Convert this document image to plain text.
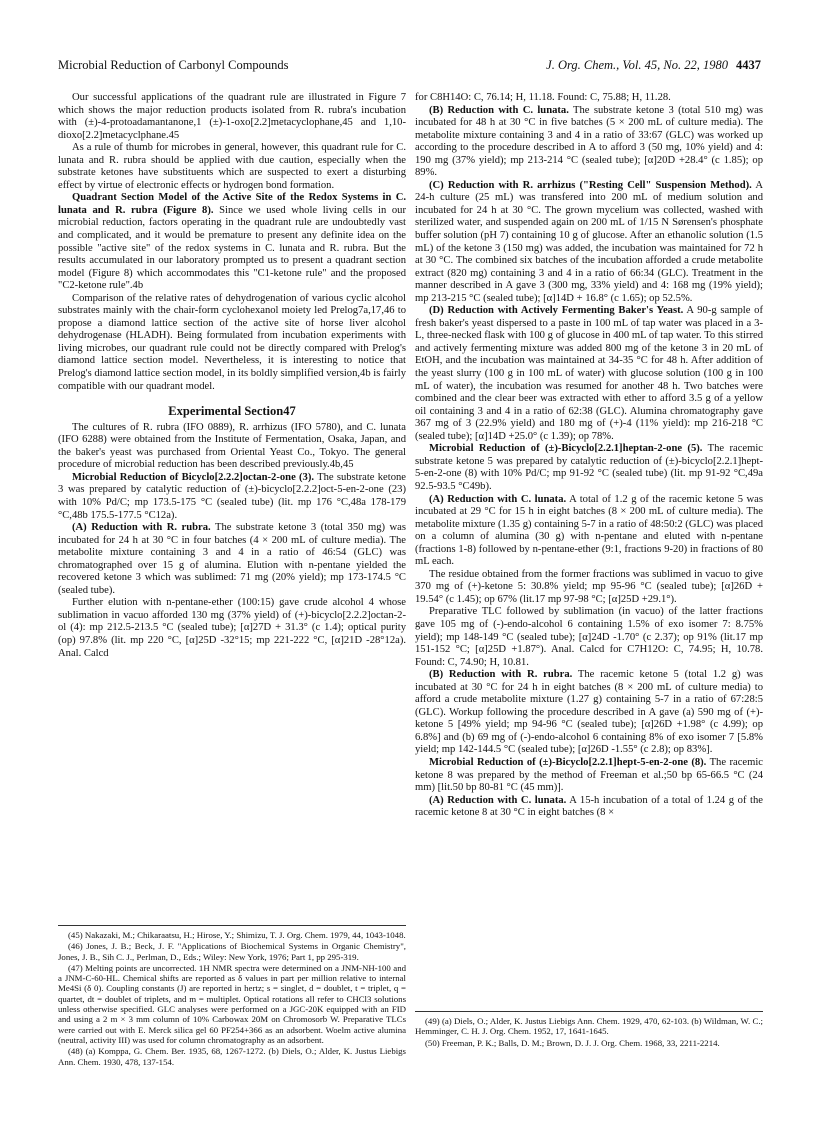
Microbial Reduction of Carbonyl Compounds	J. Org. Chem., Vol. 45, No. 22, 1980 4437

Our successful applications of the quadrant rule are illustrated in Figure 7 which shows the major reduction products isolated from R. rubra's incubation with (±)-4-protoadamantanone,1 (±)-1-oxo[2.2]metacyclophane,45 and 1,10-dioxo[2.2]metacyclphane.45

As a rule of thumb for microbes in general, however, this quadrant rule for C. lunata and R. rubra should be applied with due caution, especially when the substrate ketones have substituents which are suspected to exert a disturbing effect by virtue of electronic effects or hydrogen bond formation.

Quadrant Section Model of the Active Site of the Redox Systems in C. lunata and R. rubra (Figure 8). Since we used whole living cells in our microbial reduction, factors operating in the quadrant rule are undoubtedly vast and complicated, and it would be premature to present any definite idea on the possible "active site" of the redox systems in C. lunata and R. rubra. But the results accumulated in our laboratory prompted us to present a quadrant section model (Figure 8) which accommodates this "C1-ketone rule" and the proposed "C2-ketone rule".4b

Comparison of the relative rates of dehydrogenation of various cyclic alcohol substrates mainly with the chair-form cyclohexanol moiety led Prelog7a,17,46 to propose a diamond lattice section of the active site of horse liver alcohol dehydrogenase (HLADH). Being formulated from incubation experiments with living microbes, our quadrant rule could not be directly compared with Prelog's diamond lattice section model. Nevertheless, it is interesting to notice that Prelog's diamond lattice section model, in its boldly simplified version,4b is fairly compatible with our quadrant model.

Experimental Section47

The cultures of R. rubra (IFO 0889), R. arrhizus (IFO 5780), and C. lunata (IFO 6288) were obtained from the Institute of Fermentation, Osaka, Japan, and the baker's yeast was purchased from Oriental Yeast Co., Tokyo. The general procedure of microbial reduction has been described previously.4b,45

Microbial Reduction of Bicyclo[2.2.2]octan-2-one (3). The substrate ketone 3 was prepared by catalytic reduction of (±)-bicyclo[2.2.2]oct-5-en-2-one (23) with 10% Pd/C; mp 173.5-175 °C (sealed tube) (lit. mp 176 °C,48a 178-179 °C,48b 175.5-177.5 °C12a).

(A) Reduction with R. rubra. The substrate ketone 3 (total 350 mg) was incubated for 24 h at 30 °C in four batches (4 × 200 mL of culture media). The metabolite mixture containing 3 and 4 in a ratio of 46:54 (GLC) was chromatographed over 15 g of alumina. Elution with n-pentane yielded the recovered ketone 3 which was sublimed: 71 mg (20% yield); mp 173-174.5 °C (sealed tube).

Further elution with n-pentane-ether (100:15) gave crude alcohol 4 whose sublimation in vacuo afforded 130 mg (37% yield) of (+)-bicyclo[2.2.2]octan-2-ol (4): mp 212.5-213.5 °C (sealed tube); [α]27D + 31.3° (c 1.4); optical purity (op) 97.8% (lit. mp 220 °C, [α]25D -32°15; mp 221-222 °C, [α]21D -28°12a). Anal. Calcd

for C8H14O: C, 76.14; H, 11.18. Found: C, 75.88; H, 11.28.

(B) Reduction with C. lunata. The substrate ketone 3 (total 510 mg) was incubated for 48 h at 30 °C in five batches (5 × 200 mL of culture media). The metabolite mixture containing 3 and 4 in a ratio of 33:67 (GLC) was worked up according to the procedure described in A to afford 3 (50 mg, 10% yield) and 4: 190 mg (37% yield); mp 213-214 °C (sealed tube); [α]20D +28.4° (c 1.85); op 89%.

(C) Reduction with R. arrhizus ("Resting Cell" Suspension Method). A 24-h culture (25 mL) was transfered into 200 mL of medium solution and incubated for 24 h at 30 °C. The grown mycelium was collected, washed with sterilized water, and suspended again on 200 mL of 1/15 N Sørensen's phosphate buffer solution (pH 7) containing 10 g of glucose. After an ethanolic solution (1.5 mL) of the ketone 3 (150 mg) was added, the incubation was maintained for 72 h at 30 °C. The combined six batches of the incubation afforded a crude metabolite extract (820 mg) containing 3 and 4 in a ratio of 66:34 (GLC). Treatment in the manner described in A gave 3 (300 mg, 33% yield) and 4: 168 mg (19% yield); mp 213-215 °C (sealed tube); [α]14D + 16.8° (c 1.65); op 52.5%.

(D) Reduction with Actively Fermenting Baker's Yeast. A 90-g sample of fresh baker's yeast dispersed to a paste in 100 mL of tap water was placed in a 3-L, three-necked flask with 100 g of glucose in 400 mL of tap water. To this stirred and actively fermenting mixture was added 800 mg of the ketone 3 in 20 mL of EtOH, and the incubation was maintained at 34-35 °C for 48 h. After addition of the yeast slurry (100 g in 100 mL of water) with glucose solution (100 g in 100 mL of water), the incubation was resumed for another 48 h. Two batches were combined and the clear beer was extracted with ether to afford 3.5 g of a yellow oil containing 3 and 4 in a ratio of 62:38 (GLC). Alumina chromatography gave 367 mg of 3 (22.9% yield) and 180 mg of (+)-4 (11% yield): mp 216-218 °C (sealed tube); [α]14D +25.0° (c 1.39); op 78%.

Microbial Reduction of (±)-Bicyclo[2.2.1]heptan-2-one (5). The racemic substrate ketone 5 was prepared by catalytic reduction of (±)-bicyclo[2.2.1]hept-5-en-2-one (8) with 10% Pd/C; mp 91-92 °C (sealed tube) (lit. mp 91-92 °C,49a 92.5-93.5 °C49b).

(A) Reduction with C. lunata. A total of 1.2 g of the racemic ketone 5 was incubated at 29 °C for 15 h in eight batches (8 × 200 mL of culture media). The metabolite mixture (1.35 g) containing 5-7 in a ratio of 48:50:2 (GLC) was placed on a column of alumina (30 g) with n-pentane and eluted with n-pentane (fractions 1-8) followed by n-pentane-ether (9:1, fractions 9-20) in fractions of 80 mL each.

The residue obtained from the former fractions was sublimed in vacuo to give 370 mg of (+)-ketone 5: 30.8% yield; mp 95-96 °C (sealed tube); [α]26D + 19.54° (c 1.45); op 67% (lit.17 mp 97-98 °C; [α]25D +29.1°).

Preparative TLC followed by sublimation (in vacuo) of the latter fractions gave 105 mg of (-)-endo-alcohol 6 containing 1.5% of exo isomer 7: 8.75% yield); mp 148-149 °C (sealed tube); [α]24D -1.70° (c 2.37); op 91% (lit.17 mp 151-152 °C; [α]25D +1.87°). Anal. Calcd for C7H12O: C, 74.95; H, 10.78. Found: C, 74.90; H, 10.81.

(B) Reduction with R. rubra. The racemic ketone 5 (total 1.2 g) was incubated at 30 °C for 24 h in eight batches (8 × 200 mL of culture media) to afford a crude metabolite mixture (1.27 g) containing 5-7 in a ratio of 67:28:5 (GLC). Workup following the procedure described in A gave (a) 590 mg of (+)-ketone 5 [49% yield; mp 94-96 °C (sealed tube); [α]26D +1.98° (c 4.99); op 6.8%] and (b) 69 mg of (-)-endo-alcohol 6 containing 8% of exo isomer 7 [5.8% yield; mp 142-144.5 °C (sealed tube); [α]26D -1.55° (c 2.8); op 83%].

Microbial Reduction of (±)-Bicyclo[2.2.1]hept-5-en-2-one (8). The racemic ketone 8 was prepared by the method of Freeman et al.;50 bp 65-66.5 °C (24 mm) [lit.50 bp 80-81 °C (45 mm)].

(A) Reduction with C. lunata. A 15-h incubation of a total of 1.24 g of the racemic ketone 8 at 30 °C in eight batches (8 ×

(45) Nakazaki, M.; Chikaraatsu, H.; Hirose, Y.; Shimizu, T. J. Org. Chem. 1979, 44, 1043-1048.

(46) Jones, J. B.; Beck, J. F. "Applications of Biochemical Systems in Organic Chemistry", Jones, J. B., Sih C. J., Perlman, D., Eds.; Wiley: New York, 1976; Part 1, pp 295-319.

(47) Melting points are uncorrected. 1H NMR spectra were determined on a JNM-NH-100 and a JNM-C-60-HL. Chemical shifts are reported as δ values in part per million relative to internal Me4Si (δ 0). Coupling constants (J) are reported in hertz; s = singlet, d = doublet, t = triplet, q = quartet, dt = doublet of triplets, and m = multiplet. Optical rotations all refer to CHCl3 solutions unless otherwise specified. GLC analyses were performed on a JGC-20K equipped with an FID and using a 2 m × 3 mm column of 10% Carbowax 20M on Chromosorb W. Preparative TLCs were carried out with E. Merck silica gel 60 PF254+366 as an adsorbent. Woelm active alumina (neutral, activity III) was used for column chromatography as an adsorbent.

(48) (a) Komppa, G. Chem. Ber. 1935, 68, 1267-1272. (b) Diels, O.; Alder, K. Justus Liebigs Ann. Chem. 1930, 478, 137-154.

(49) (a) Diels, O.; Alder, K. Justus Liebigs Ann. Chem. 1929, 470, 62-103. (b) Wildman, W. C.; Hemminger, C. H. J. Org. Chem. 1952, 17, 1641-1645.

(50) Freeman, P. K.; Balls, D. M.; Brown, D. J. J. Org. Chem. 1968, 33, 2211-2214.
